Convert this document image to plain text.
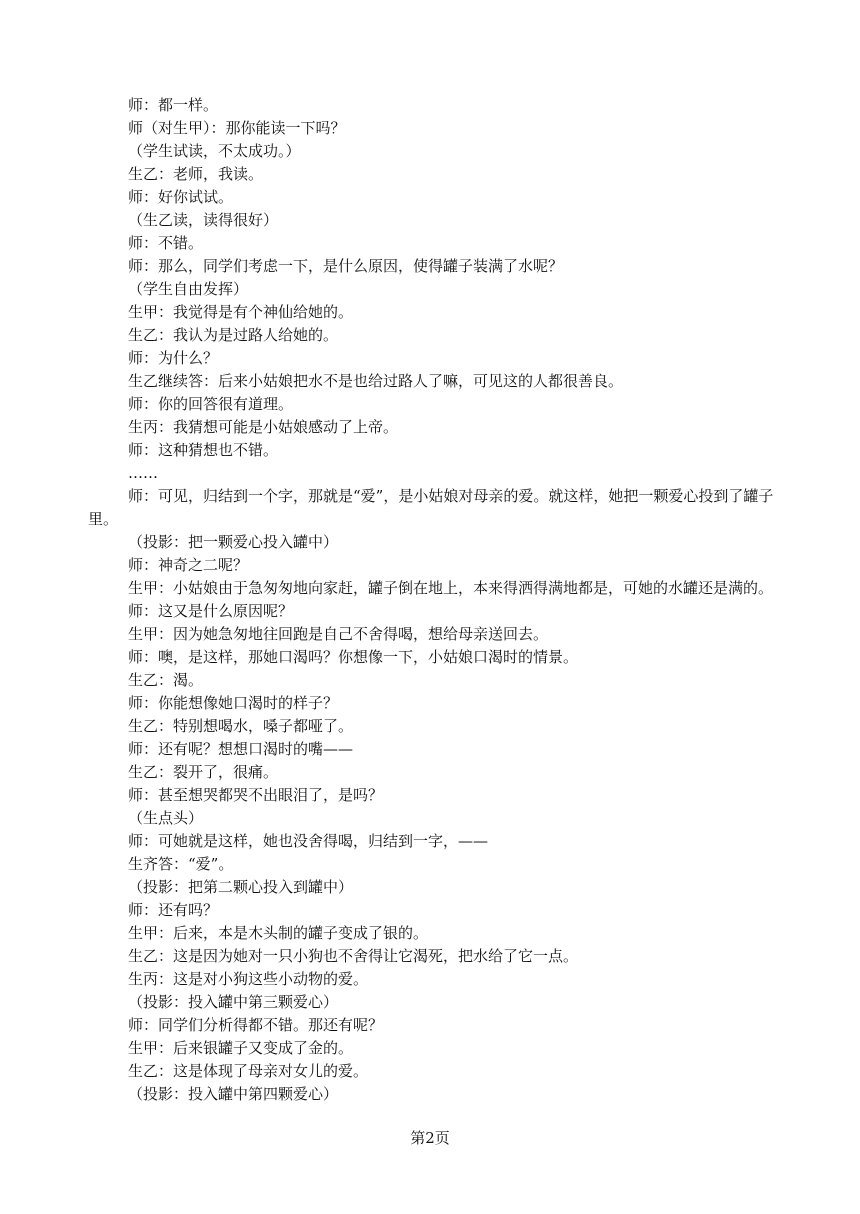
师：都一样。
师（对生甲）：那你能读一下吗？
（学生试读，不太成功。）
生乙：老师，我读。
师：好你试试。
（生乙读，读得很好）
师：不错。
师：那么，同学们考虑一下，是什么原因，使得罐子装满了水呢？
（学生自由发挥）
生甲：我觉得是有个神仙给她的。
生乙：我认为是过路人给她的。
师：为什么？
生乙继续答：后来小姑娘把水不是也给过路人了嘛，可见这的人都很善良。
师：你的回答很有道理。
生丙：我猜想可能是小姑娘感动了上帝。
师：这种猜想也不错。
……
师：可见，归结到一个字，那就是“爱”，是小姑娘对母亲的爱。就这样，她把一颗爱心投到了罐子里。
（投影：把一颗爱心投入罐中）
师：神奇之二呢？
生甲：小姑娘由于急匆匆地向家赶，罐子倒在地上，本来得洒得满地都是，可她的水罐还是满的。
师：这又是什么原因呢？
生甲：因为她急匆地往回跑是自己不舍得喝，想给母亲送回去。
师：噢，是这样，那她口渴吗？你想像一下，小姑娘口渴时的情景。
生乙：渴。
师：你能想像她口渴时的样子？
生乙：特别想喝水，嗓子都哑了。
师：还有呢？想想口渴时的嘴——
生乙：裂开了，很痛。
师：甚至想哭都哭不出眼泪了，是吗？
（生点头）
师：可她就是这样，她也没舍得喝，归结到一字，——
生齐答：“爱”。
（投影：把第二颗心投入到罐中）
师：还有吗？
生甲：后来，本是木头制的罐子变成了银的。
生乙：这是因为她对一只小狗也不舍得让它渴死，把水给了它一点。
生丙：这是对小狗这些小动物的爱。
（投影：投入罐中第三颗爱心）
师：同学们分析得都不错。那还有呢？
生甲：后来银罐子又变成了金的。
生乙：这是体现了母亲对女儿的爱。
（投影：投入罐中第四颗爱心）
第2页
